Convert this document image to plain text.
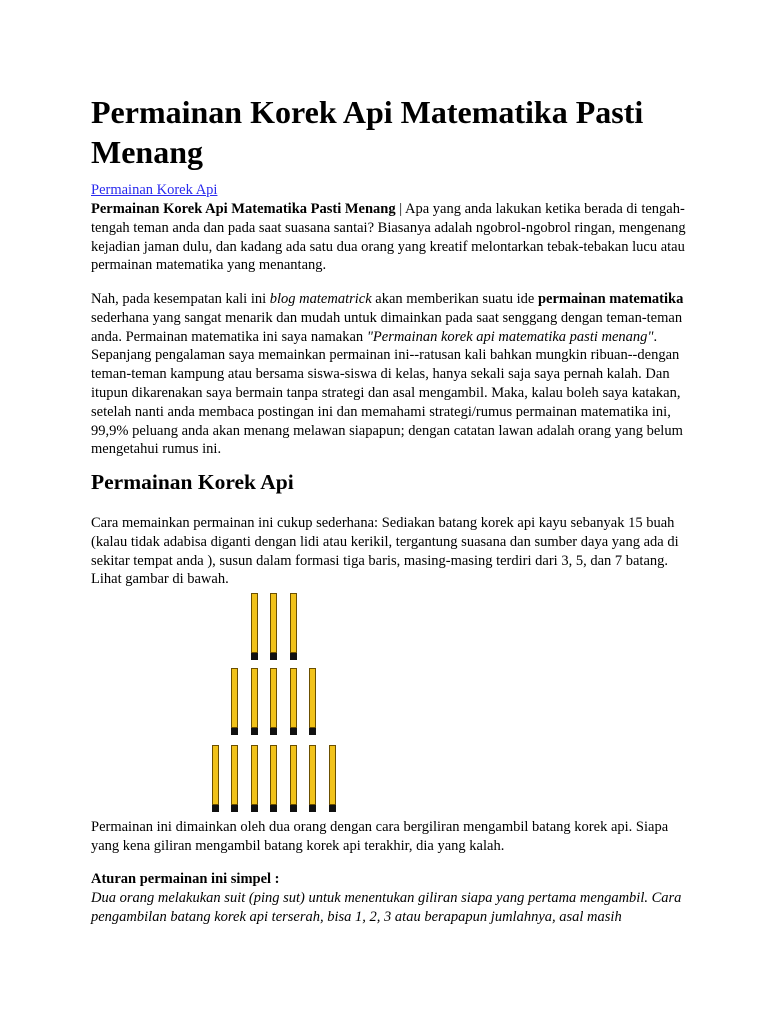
Permainan Korek Api Matematika Pasti Menang
Permainan Korek Api

Permainan Korek Api Matematika Pasti Menang | Apa yang anda lakukan ketika berada di tengah-tengah teman anda dan pada saat suasana santai? Biasanya adalah ngobrol-ngobrol ringan, mengenang kejadian jaman dulu, dan kadang ada satu dua orang yang kreatif melontarkan tebak-tebakan lucu atau permainan matematika yang menantang.

Nah, pada kesempatan kali ini blog matematrick akan memberikan suatu ide permainan matematika sederhana yang sangat menarik dan mudah untuk dimainkan pada saat senggang dengan teman-teman anda. Permainan matematika ini saya namakan "Permainan korek api matematika pasti menang". Sepanjang pengalaman saya memainkan permainan ini--ratusan kali bahkan mungkin ribuan--dengan teman-teman kampung atau bersama siswa-siswa di kelas, hanya sekali saja saya pernah kalah. Dan itupun dikarenakan saya bermain tanpa strategi dan asal mengambil. Maka, kalau boleh saya katakan, setelah nanti anda membaca postingan ini dan memahami strategi/rumus permainan matematika ini, 99,9% peluang anda akan menang melawan siapapun; dengan catatan lawan adalah orang yang belum mengetahui rumus ini.

Permainan Korek Api

Cara memainkan permainan ini cukup sederhana: Sediakan batang korek api kayu sebanyak 15 buah (kalau tidak adabisa diganti dengan lidi atau kerikil, tergantung suasana dan sumber daya yang ada di sekitar tempat anda ), susun dalam formasi tiga baris, masing-masing terdiri dari 3, 5, dan 7 batang. Lihat gambar di bawah.

Permainan ini dimainkan oleh dua orang dengan cara bergiliran mengambil batang korek api. Siapa yang kena giliran mengambil batang korek api terakhir, dia yang kalah.

Aturan permainan ini simpel :
Dua orang melakukan suit (ping sut) untuk menentukan giliran siapa yang pertama mengambil. Cara pengambilan batang korek api terserah, bisa 1, 2, 3 atau berapapun jumlahnya, asal masih
